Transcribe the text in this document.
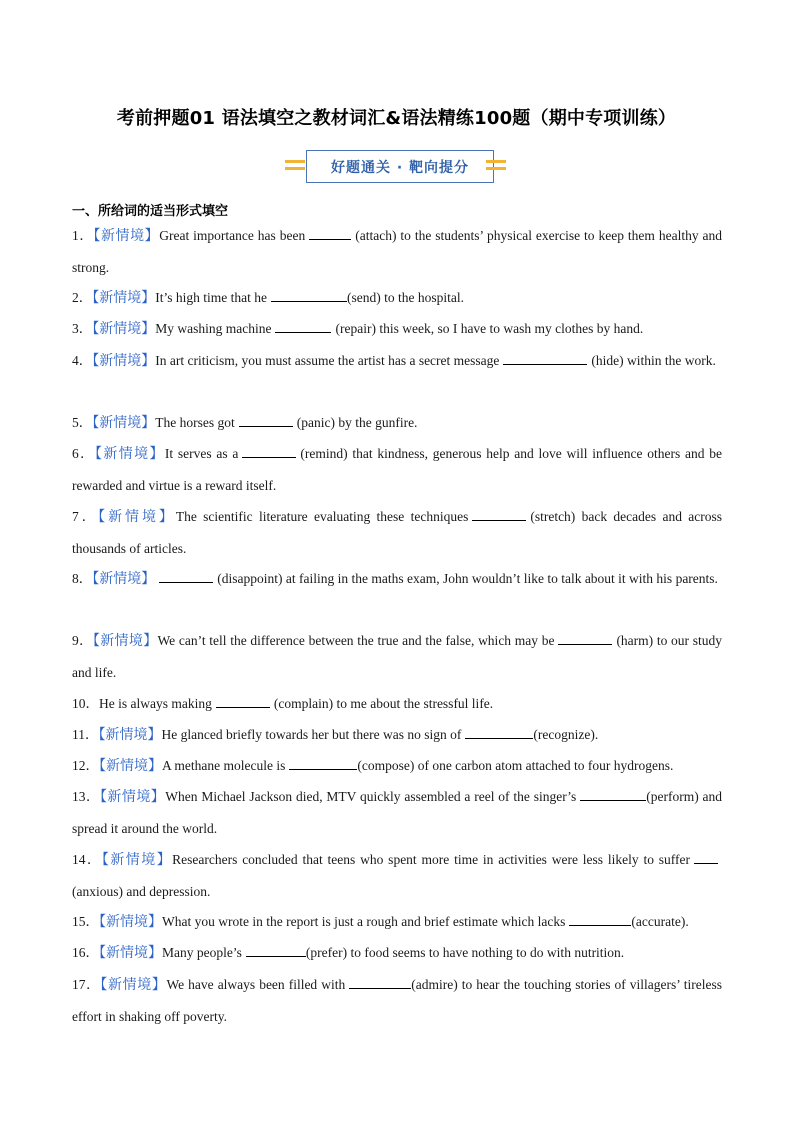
考前押题01 语法填空之教材词汇&语法精练100题（期中专项训练）
好题通关 · 靶向提分
一、所给词的适当形式填空
1．【新情境】Great importance has been	(attach) to the students’ physical exercise to keep them healthy and strong.
2．【新情境】It’s high time that he	(send) to the hospital.
3．【新情境】My washing machine	(repair) this week, so I have to wash my clothes by hand.
4．【新情境】In art criticism, you must assume the artist has a secret message	(hide) within the work.
5．【新情境】The horses got	(panic) by the gunfire.
6．【新情境】It serves as a	(remind) that kindness, generous help and love will influence others and be rewarded and virtue is a reward itself.
7．【新情境】The scientific literature evaluating these techniques	(stretch) back decades and across thousands of articles.
8．【新情境】	(disappoint) at failing in the maths exam, John wouldn’t like to talk about it with his parents.
9．【新情境】We can’t tell the difference between the true and the false, which may be	(harm) to our study and life.
10．He is always making	(complain) to me about the stressful life.
11．【新情境】He glanced briefly towards her but there was no sign of	(recognize).
12．【新情境】A methane molecule is	(compose) of one carbon atom attached to four hydrogens.
13．【新情境】When Michael Jackson died, MTV quickly assembled a reel of the singer’s	(perform) and spread it around the world.
14．【新情境】Researchers concluded that teens who spent more time in activities were less likely to suffer(anxious) and depression.
15．【新情境】What you wrote in the report is just a rough and brief estimate which lacks	(accurate).
16．【新情境】Many people’s	(prefer) to food seems to have nothing to do with nutrition.
17．【新情境】We have always been filled with	(admire) to hear the touching stories of villagers’ tireless effort in shaking off poverty.
